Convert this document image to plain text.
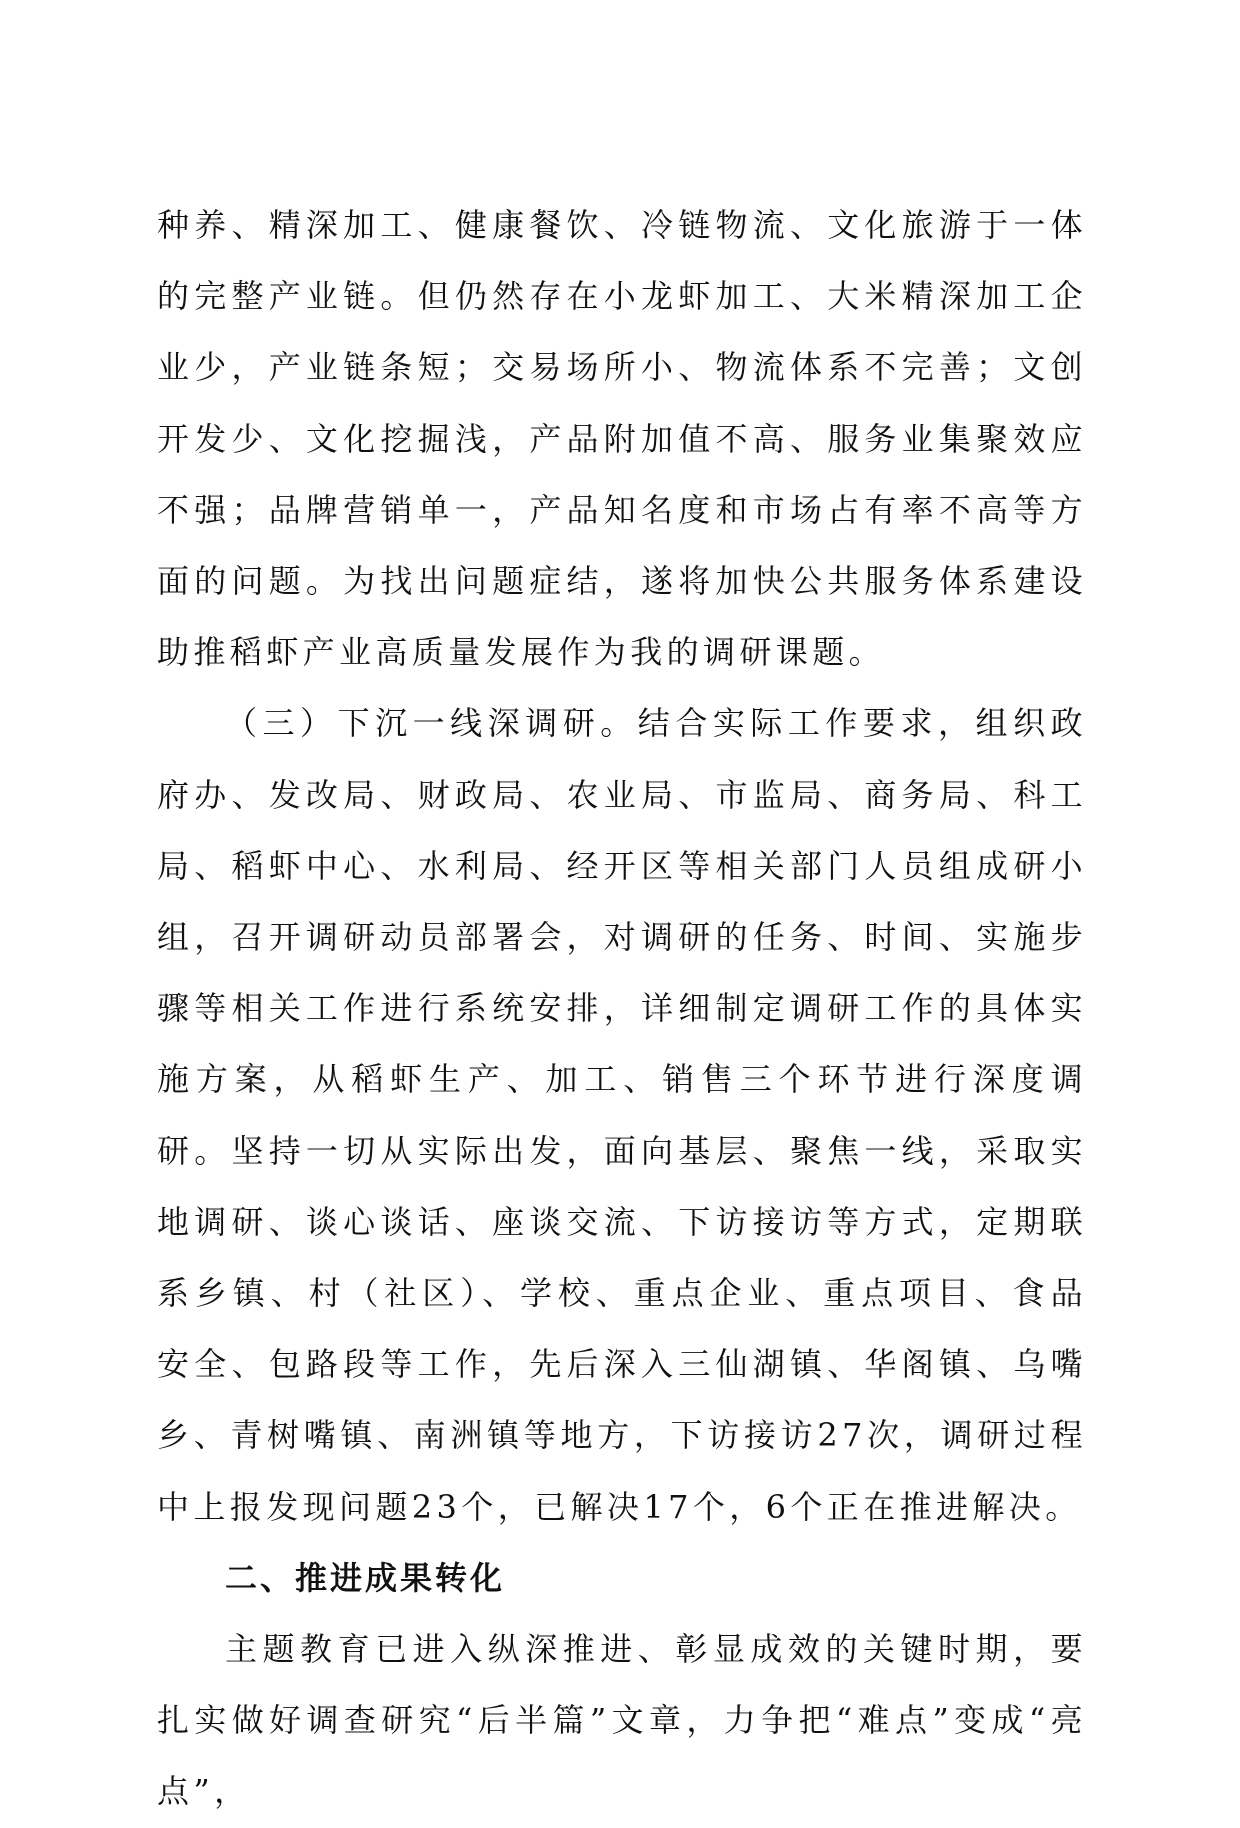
种养、精深加工、健康餐饮、冷链物流、文化旅游于一体的完整产业链。但仍然存在小龙虾加工、大米精深加工企业少，产业链条短；交易场所小、物流体系不完善；文创开发少、文化挖掘浅，产品附加值不高、服务业集聚效应不强；品牌营销单一，产品知名度和市场占有率不高等方面的问题。为找出问题症结，遂将加快公共服务体系建设助推稻虾产业高质量发展作为我的调研课题。

（三）下沉一线深调研。结合实际工作要求，组织政府办、发改局、财政局、农业局、市监局、商务局、科工局、稻虾中心、水利局、经开区等相关部门人员组成研小组，召开调研动员部署会，对调研的任务、时间、实施步骤等相关工作进行系统安排，详细制定调研工作的具体实施方案，从稻虾生产、加工、销售三个环节进行深度调研。坚持一切从实际出发，面向基层、聚焦一线，采取实地调研、谈心谈话、座谈交流、下访接访等方式，定期联系乡镇、村（社区）、学校、重点企业、重点项目、食品安全、包路段等工作，先后深入三仙湖镇、华阁镇、乌嘴乡、青树嘴镇、南洲镇等地方，下访接访27次，调研过程中上报发现问题23个，已解决17个，6个正在推进解决。

二、推进成果转化

主题教育已进入纵深推进、彰显成效的关键时期，要扎实做好调查研究“后半篇”文章，力争把“难点”变成“亮点”，
